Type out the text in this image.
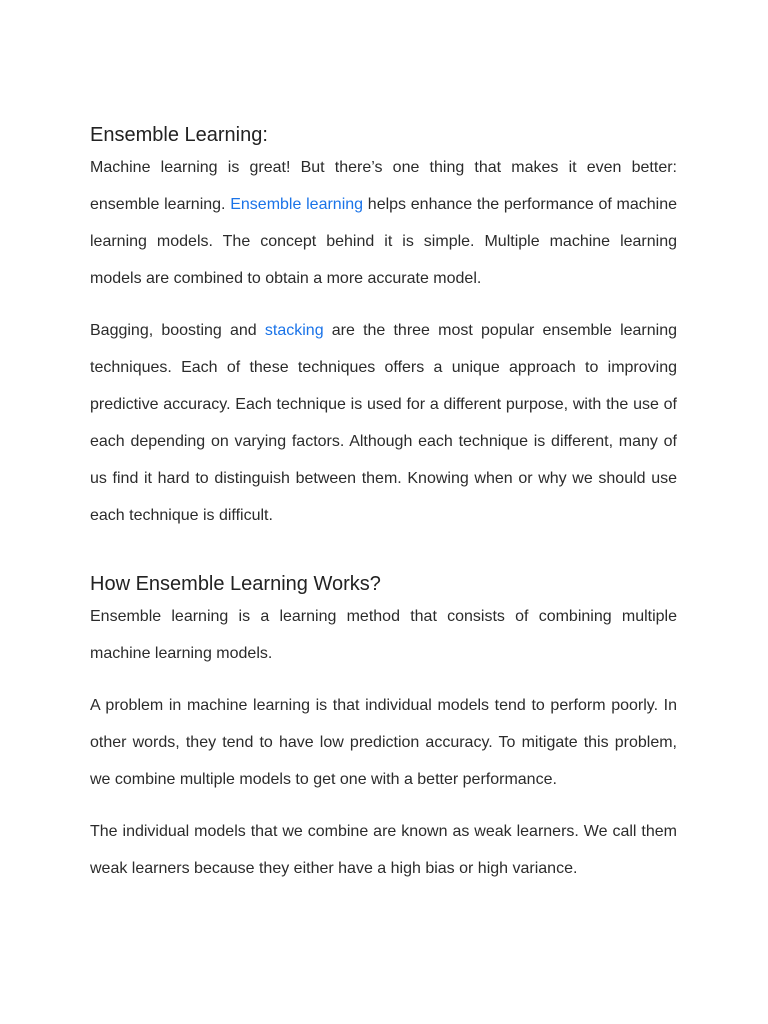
Ensemble Learning:

Machine learning is great! But there’s one thing that makes it even better: ensemble learning. Ensemble learning helps enhance the performance of machine learning models. The concept behind it is simple. Multiple machine learning models are combined to obtain a more accurate model.

Bagging, boosting and stacking are the three most popular ensemble learning techniques. Each of these techniques offers a unique approach to improving predictive accuracy. Each technique is used for a different purpose, with the use of each depending on varying factors. Although each technique is different, many of us find it hard to distinguish between them. Knowing when or why we should use each technique is difficult.

How Ensemble Learning Works?

Ensemble learning is a learning method that consists of combining multiple machine learning models.

A problem in machine learning is that individual models tend to perform poorly. In other words, they tend to have low prediction accuracy. To mitigate this problem, we combine multiple models to get one with a better performance.

The individual models that we combine are known as weak learners. We call them weak learners because they either have a high bias or high variance.
